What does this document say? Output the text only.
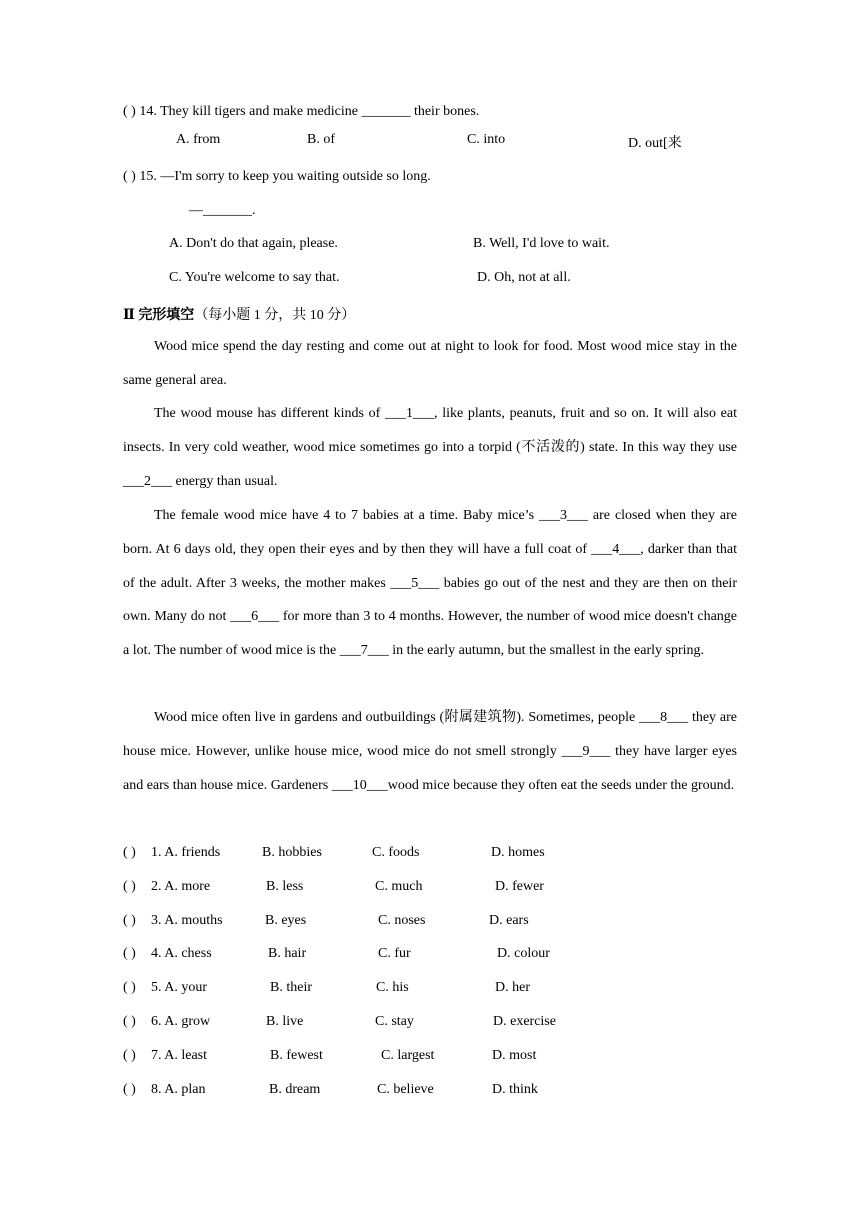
( ) 14. They kill tigers and make medicine _______ their bones.
A. from	B. of	C. into	D. out[来
( ) 15. —I'm sorry to keep you waiting outside so long.
—_______.
A. Don't do that again, please.	B. Well, I'd love to wait.
C. You're welcome to say that.	D. Oh, not at all.
Ⅱ 完形填空（每小题 1 分，共 10 分）
Wood mice spend the day resting and come out at night to look for food. Most wood mice stay in the same general area.
The wood mouse has different kinds of ___1___, like plants, peanuts, fruit and so on. It will also eat insects. In very cold weather, wood mice sometimes go into a torpid (不活泼的) state. In this way they use ___2___ energy than usual.
The female wood mice have 4 to 7 babies at a time. Baby mice’s ___3___ are closed when they are born. At 6 days old, they open their eyes and by then they will have a full coat of ___4___, darker than that of the adult. After 3 weeks, the mother makes ___5___ babies go out of the nest and they are then on their own. Many do not ___6___ for more than 3 to 4 months. However, the number of wood mice doesn't change a lot. The number of wood mice is the ___7___ in the early autumn, but the smallest in the early spring.
Wood mice often live in gardens and outbuildings (附属建筑物). Sometimes, people ___8___ they are house mice. However, unlike house mice, wood mice do not smell strongly ___9___ they have larger eyes and ears than house mice. Gardeners ___10___wood mice because they often eat the seeds under the ground.
( ) 1. A. friends	B. hobbies	C. foods	D. homes
( ) 2. A. more	B. less	C. much	D. fewer
( ) 3. A. mouths	B. eyes	C. noses	D. ears
( ) 4. A. chess	B. hair	C. fur	D. colour
( ) 5. A. your	B. their	C. his	D. her
( ) 6. A. grow	B. live	C. stay	D. exercise
( ) 7. A. least	B. fewest	C. largest	D. most
( ) 8. A. plan	B. dream	C. believe	D. think
